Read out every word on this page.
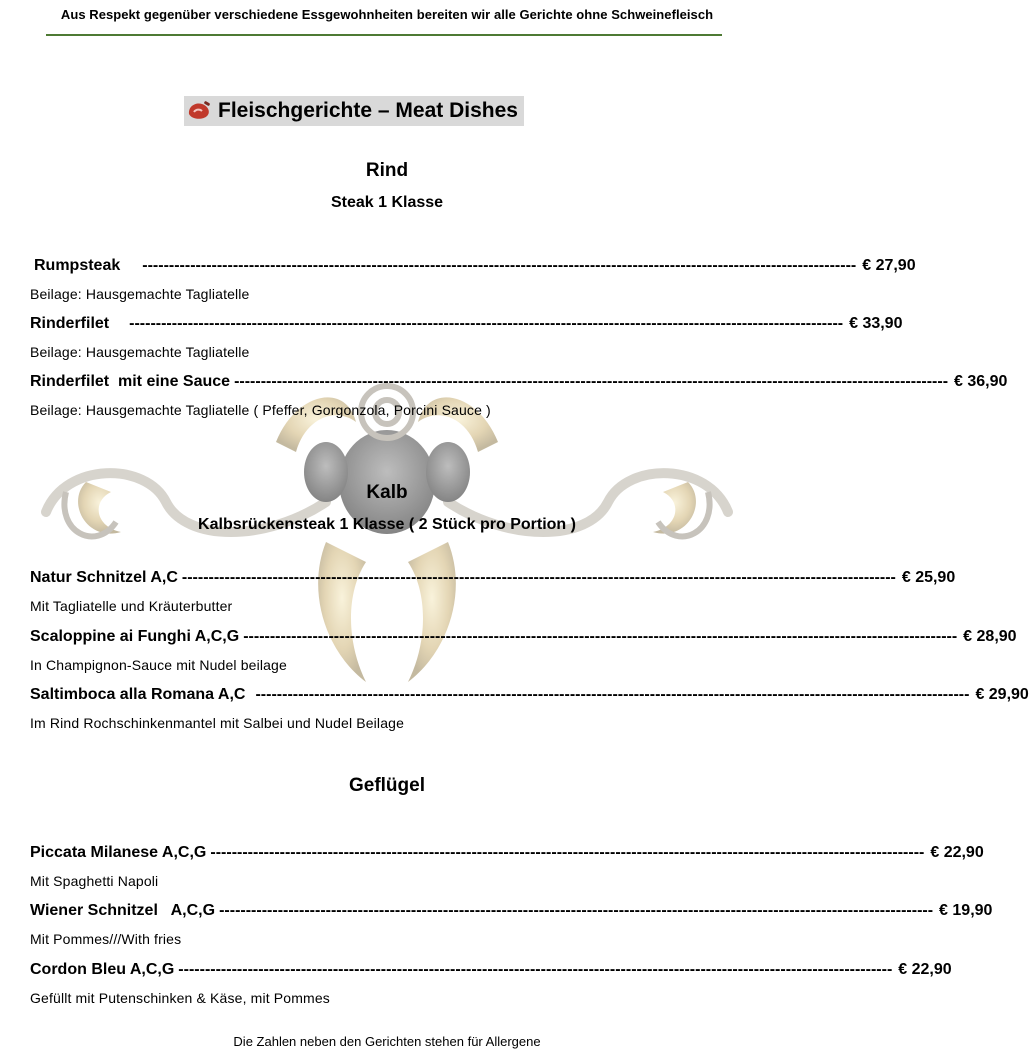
Aus Respekt gegenüber verschiedene Essgewohnheiten bereiten wir alle Gerichte ohne Schweinefleisch
Fleischgerichte – Meat Dishes
Rind
Steak 1 Klasse
Rumpsteak -------------------------------------------------------------------------------------------------------------------------------------- € 27,90
Beilage: Hausgemachte Tagliatelle
Rinderfilet -------------------------------------------------------------------------------------------------------------------------------------- € 33,90
Beilage: Hausgemachte Tagliatelle
Rinderfilet  mit eine Sauce -------------------------------------------------------------------------------------------------------------------------------------- € 36,90
Beilage: Hausgemachte Tagliatelle ( Pfeffer, Gorgonzola, Porcini Sauce )
Kalb
Kalbsrückensteak 1 Klasse ( 2 Stück pro Portion )
Natur Schnitzel A,C -------------------------------------------------------------------------------------------------------------------------------------- € 25,90
Mit Tagliatelle und Kräuterbutter
Scaloppine ai Funghi A,C,G -------------------------------------------------------------------------------------------------------------------------------------- € 28,90
In Champignon-Sauce mit Nudel beilage
Saltimboca alla Romana A,C -------------------------------------------------------------------------------------------------------------------------------------- € 29,90
Im Rind Rochschinkenmantel mit Salbei und Nudel Beilage
Geflügel
Piccata Milanese A,C,G -------------------------------------------------------------------------------------------------------------------------------------- € 22,90
Mit Spaghetti Napoli
Wiener Schnitzel   A,C,G -------------------------------------------------------------------------------------------------------------------------------------- € 19,90
Mit Pommes///With fries
Cordon Bleu A,C,G -------------------------------------------------------------------------------------------------------------------------------------- € 22,90
Gefüllt mit Putenschinken & Käse, mit Pommes
Die Zahlen neben den Gerichten stehen für Allergene
